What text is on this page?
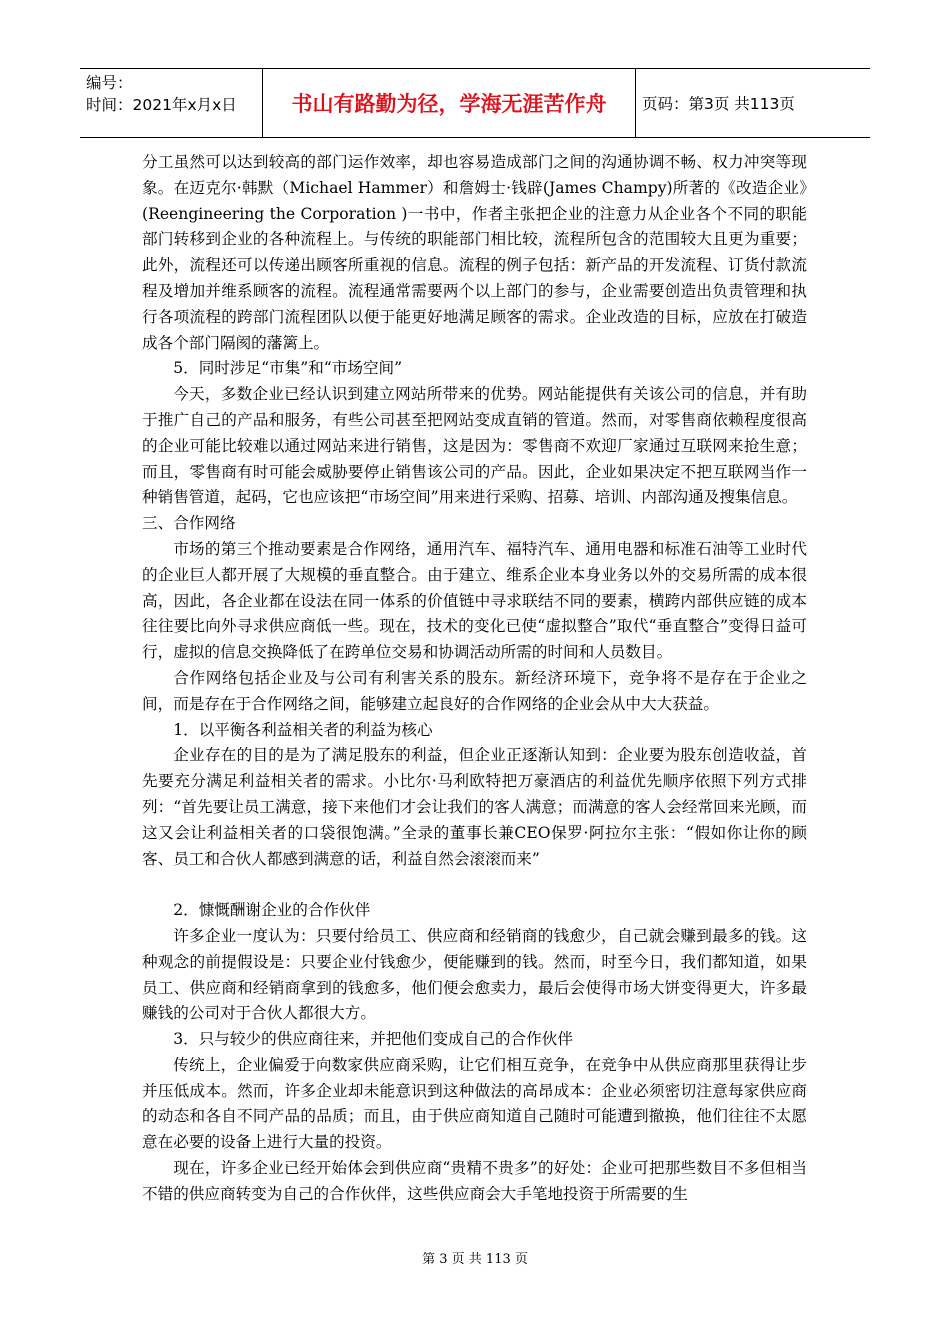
编号：
时间：2021年x月x日	书山有路勤为径，学海无涯苦作舟	页码：第3页 共113页

分工虽然可以达到较高的部门运作效率，却也容易造成部门之间的沟通协调不畅、权力冲突等现象。在迈克尔·韩默（Michael Hammer）和詹姆士·钱辟(James Champy)所著的《改造企业》(Reengineering the Corporation )一书中，作者主张把企业的注意力从企业各个不同的职能部门转移到企业的各种流程上。与传统的职能部门相比较，流程所包含的范围较大且更为重要；此外，流程还可以传递出顾客所重视的信息。流程的例子包括：新产品的开发流程、订货付款流程及增加并维系顾客的流程。流程通常需要两个以上部门的参与，企业需要创造出负责管理和执行各项流程的跨部门流程团队以便于能更好地满足顾客的需求。企业改造的目标，应放在打破造成各个部门隔阂的藩篱上。

5．同时涉足“市集”和“市场空间”

今天，多数企业已经认识到建立网站所带来的优势。网站能提供有关该公司的信息，并有助于推广自己的产品和服务，有些公司甚至把网站变成直销的管道。然而，对零售商依赖程度很高的企业可能比较难以通过网站来进行销售，这是因为：零售商不欢迎厂家通过互联网来抢生意；而且，零售商有时可能会威胁要停止销售该公司的产品。因此，企业如果决定不把互联网当作一种销售管道，起码，它也应该把“市场空间”用来进行采购、招募、培训、内部沟通及搜集信息。

三、合作网络

市场的第三个推动要素是合作网络，通用汽车、福特汽车、通用电器和标准石油等工业时代的企业巨人都开展了大规模的垂直整合。由于建立、维系企业本身业务以外的交易所需的成本很高，因此，各企业都在设法在同一体系的价值链中寻求联结不同的要素，横跨内部供应链的成本往往要比向外寻求供应商低一些。现在，技术的变化已使“虚拟整合”取代“垂直整合”变得日益可行，虚拟的信息交换降低了在跨单位交易和协调活动所需的时间和人员数目。

合作网络包括企业及与公司有利害关系的股东。新经济环境下，竞争将不是存在于企业之间，而是存在于合作网络之间，能够建立起良好的合作网络的企业会从中大大获益。

1．以平衡各利益相关者的利益为核心

企业存在的目的是为了满足股东的利益，但企业正逐渐认知到：企业要为股东创造收益，首先要充分满足利益相关者的需求。小比尔·马利欧特把万豪酒店的利益优先顺序依照下列方式排列：“首先要让员工满意，接下来他们才会让我们的客人满意；而满意的客人会经常回来光顾，而这又会让利益相关者的口袋很饱满。”全录的董事长兼CEO保罗·阿拉尔主张：“假如你让你的顾客、员工和合伙人都感到满意的话，利益自然会滚滚而来”

2．慷慨酬谢企业的合作伙伴

许多企业一度认为：只要付给员工、供应商和经销商的钱愈少，自己就会赚到最多的钱。这种观念的前提假设是：只要企业付钱愈少，便能赚到的钱。然而，时至今日，我们都知道，如果员工、供应商和经销商拿到的钱愈多，他们便会愈卖力，最后会使得市场大饼变得更大，许多最赚钱的公司对于合伙人都很大方。

3．只与较少的供应商往来，并把他们变成自己的合作伙伴

传统上，企业偏爱于向数家供应商采购，让它们相互竞争，在竞争中从供应商那里获得让步并压低成本。然而，许多企业却未能意识到这种做法的高昂成本：企业必须密切注意每家供应商的动态和各自不同产品的品质；而且，由于供应商知道自己随时可能遭到撤换，他们往往不太愿意在必要的设备上进行大量的投资。

现在，许多企业已经开始体会到供应商“贵精不贵多”的好处：企业可把那些数目不多但相当不错的供应商转变为自己的合作伙伴，这些供应商会大手笔地投资于所需要的生

第 3 页 共 113 页
